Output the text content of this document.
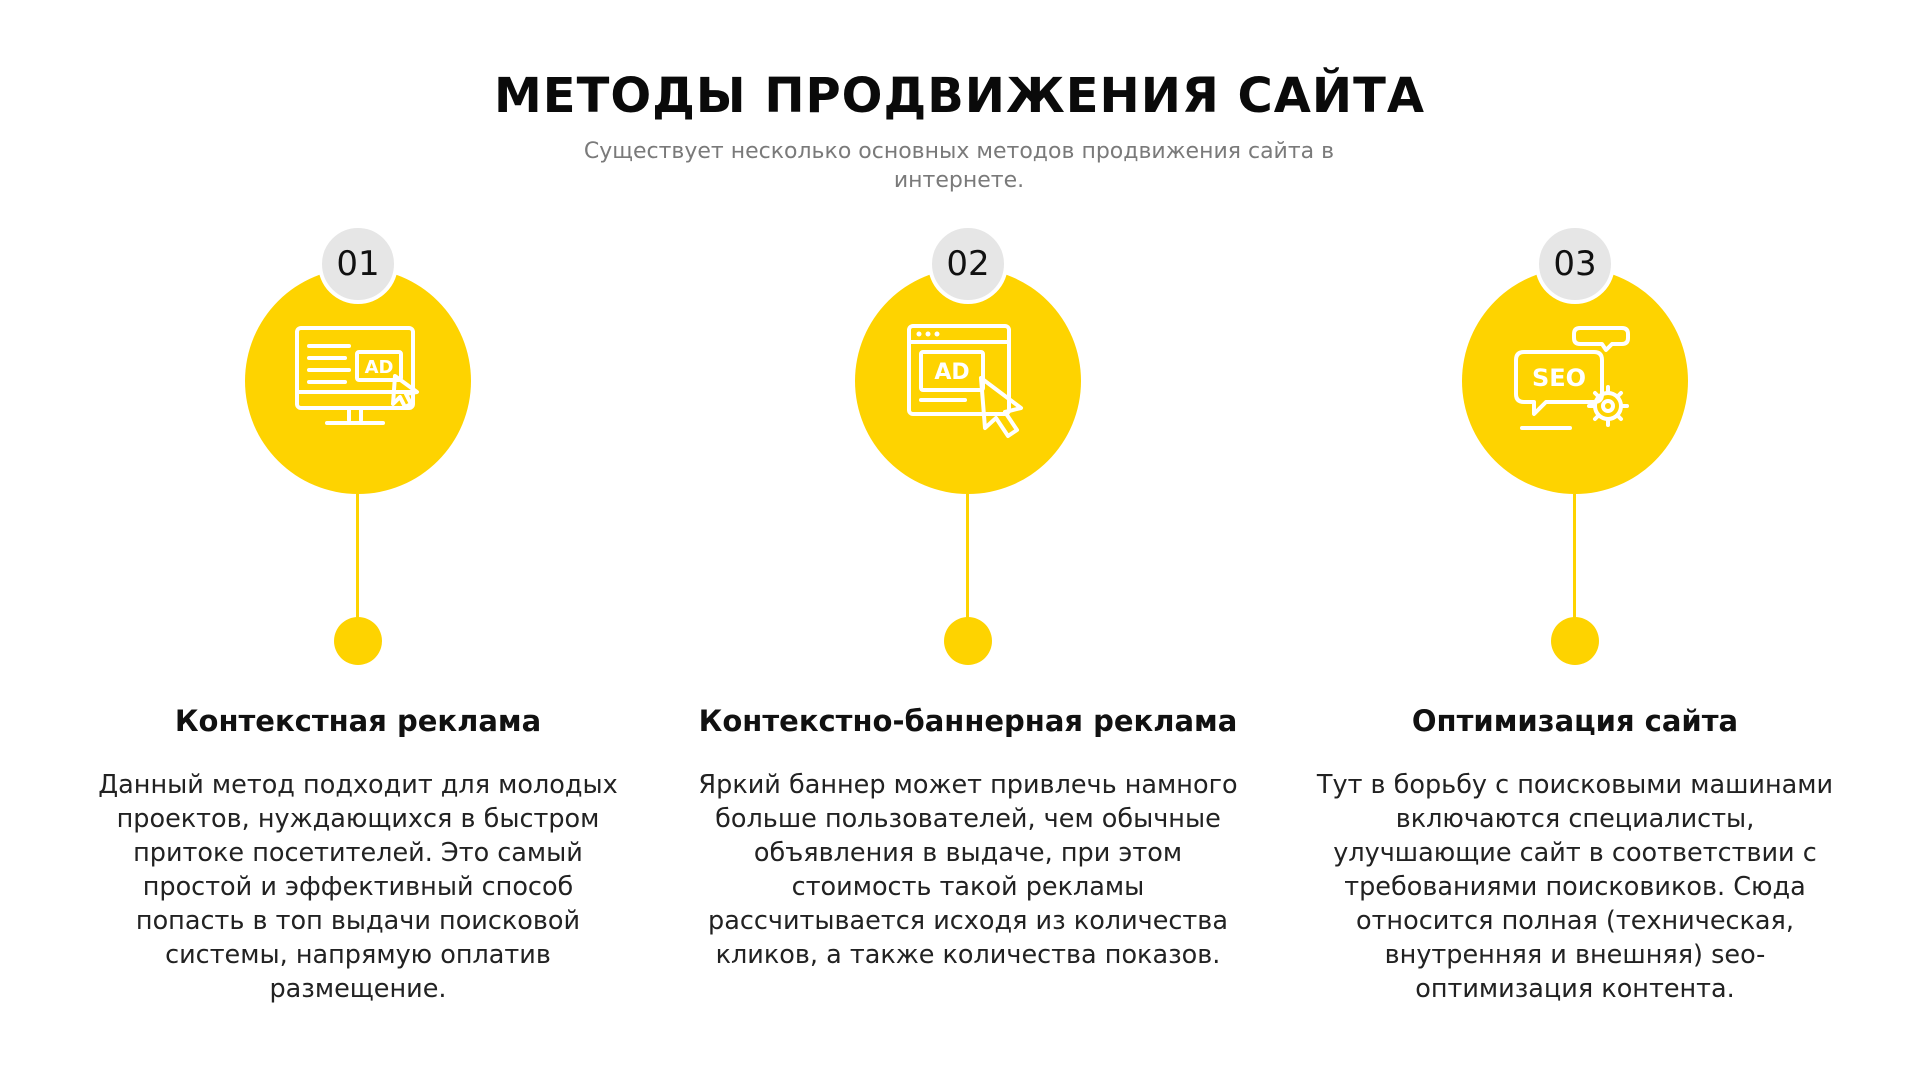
МЕТОДЫ ПРОДВИЖЕНИЯ САЙТА

Существует несколько основных методов продвижения сайта в интернете.

AD
01
Контекстная реклама

Данный метод подходит для молодых проектов, нуждающихся в быстром притоке посетителей. Это самый простой и эффективный способ попасть в топ выдачи поисковой системы, напрямую оплатив размещение.

AD
02
Контекстно-баннерная реклама

Яркий баннер может привлечь намного больше пользователей, чем обычные объявления в выдаче, при этом стоимость такой рекламы рассчитывается исходя из количества кликов, а также количества показов.

SEO
03
Оптимизация сайта

Тут в борьбу с поисковыми машинами включаются специалисты, улучшающие сайт в соответствии с требованиями поисковиков. Сюда относится полная (техническая, внутренняя и внешняя) seo-оптимизация контента.
